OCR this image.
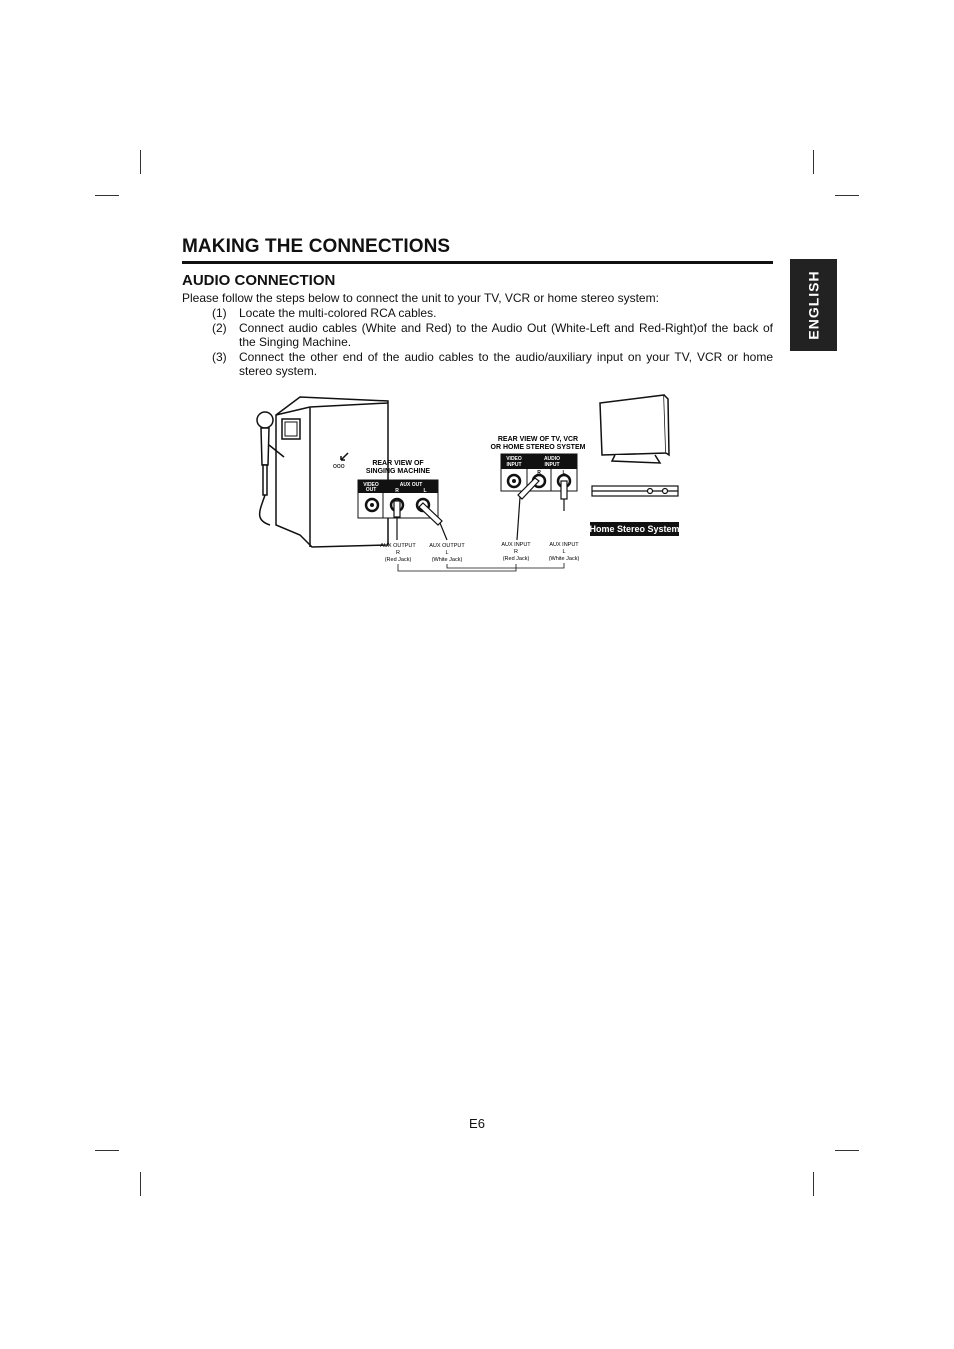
MAKING THE CONNECTIONS
AUDIO CONNECTION
Please follow the steps below to connect the unit to your TV, VCR or home stereo system:
(1)	Locate the multi-colored RCA cables.
(2)	Connect audio cables (White and Red) to the Audio Out (White-Left and Red-Right)of the back of the Singing Machine.
(3)	Connect the other end of the audio cables to the audio/auxiliary input on your TV, VCR or home stereo system.
ENGLISH
ooo	REAR VIEW OF
SINGING MACHINE
VIDEO
OUT
AUX OUT
R	L
REAR VIEW OF TV, VCR
OR HOME STEREO SYSTEM
VIDEO
INPUT
AUDIO
INPUT
R	L
Home Stereo System
AUX OUTPUT
R
(Red Jack)
AUX OUTPUT
L
(White Jack)
AUX INPUT
R
(Red Jack)
AUX INPUT
L
(White Jack)
E6
